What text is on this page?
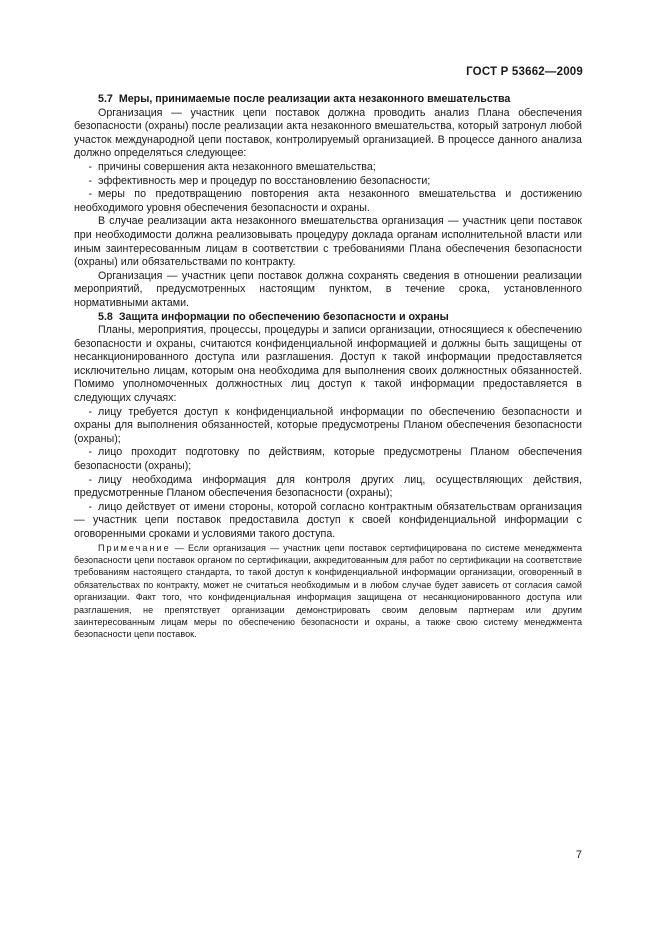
ГОСТ Р 53662—2009

5.7 Меры, принимаемые после реализации акта незаконного вмешательства

Организация — участник цепи поставок должна проводить анализ Плана обеспечения безопасности (охраны) после реализации акта незаконного вмешательства, который затронул любой участок международной цепи поставок, контролируемый организацией. В процессе данного анализа должно определяться следующее:

- причины совершения акта незаконного вмешательства;

- эффективность мер и процедур по восстановлению безопасности;

- меры по предотвращению повторения акта незаконного вмешательства и достижению необходимого уровня обеспечения безопасности и охраны.

В случае реализации акта незаконного вмешательства организация — участник цепи поставок при необходимости должна реализовывать процедуру доклада органам исполнительной власти или иным заинтересованным лицам в соответствии с требованиями Плана обеспечения безопасности (охраны) или обязательствами по контракту.

Организация — участник цепи поставок должна сохранять сведения в отношении реализации мероприятий, предусмотренных настоящим пунктом, в течение срока, установленного нормативными актами.

5.8 Защита информации по обеспечению безопасности и охраны

Планы, мероприятия, процессы, процедуры и записи организации, относящиеся к обеспечению безопасности и охраны, считаются конфиденциальной информацией и должны быть защищены от несанкционированного доступа или разглашения. Доступ к такой информации предоставляется исключительно лицам, которым она необходима для выполнения своих должностных обязанностей. Помимо уполномоченных должностных лиц доступ к такой информации предоставляется в следующих случаях:

- лицу требуется доступ к конфиденциальной информации по обеспечению безопасности и охраны для выполнения обязанностей, которые предусмотрены Планом обеспечения безопасности (охраны);

- лицо проходит подготовку по действиям, которые предусмотрены Планом обеспечения безопасности (охраны);

- лицу необходима информация для контроля других лиц, осуществляющих действия, предусмотренные Планом обеспечения безопасности (охраны);

- лицо действует от имени стороны, которой согласно контрактным обязательствам организация — участник цепи поставок предоставила доступ к своей конфиденциальной информации с оговоренными сроками и условиями такого доступа.

Примечание — Если организация — участник цепи поставок сертифицирована по системе менеджмента безопасности цепи поставок органом по сертификации, аккредитованным для работ по сертификации на соответствие требованиям настоящего стандарта, то такой доступ к конфиденциальной информации организации, оговоренный в обязательствах по контракту, может не считаться необходимым и в любом случае будет зависеть от согласия самой организации. Факт того, что конфиденциальная информация защищена от несанкционированного доступа или разглашения, не препятствует организации демонстрировать своим деловым партнерам или другим заинтересованным лицам меры по обеспечению безопасности и охраны, а также свою систему менеджмента безопасности цепи поставок.

7
